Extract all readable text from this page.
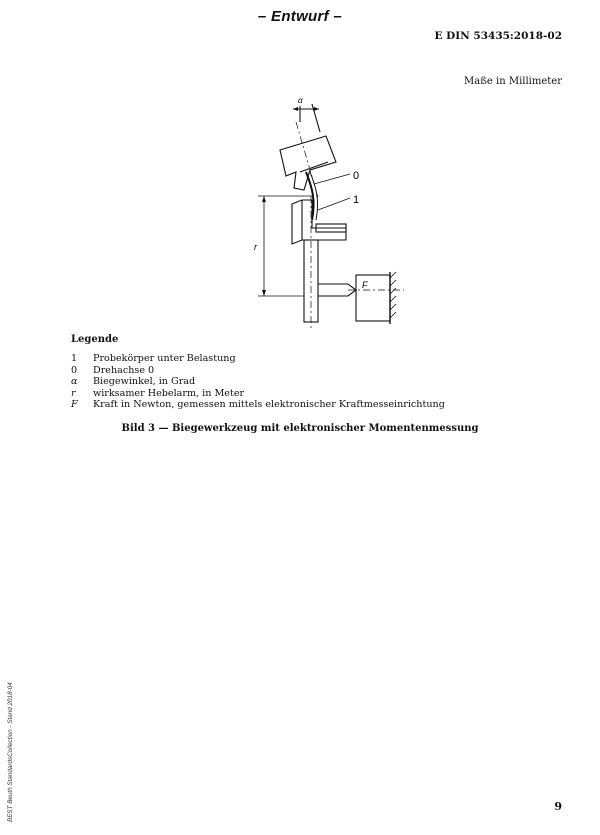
– Entwurf –
E DIN 53435:2018-02
Maße in Millimeter
α
0
1
r
F
Legende
1	Probekörper unter Belastung
0	Drehachse 0
α	Biegewinkel, in Grad
r	wirksamer Hebelarm, in Meter
F	Kraft in Newton, gemessen mittels elektronischer Kraftmesseinrichtung
Bild 3 — Biegewerkzeug mit elektronischer Momentenmessung
BEST Beuth StandardsCollection - Stand 2018-04	9
